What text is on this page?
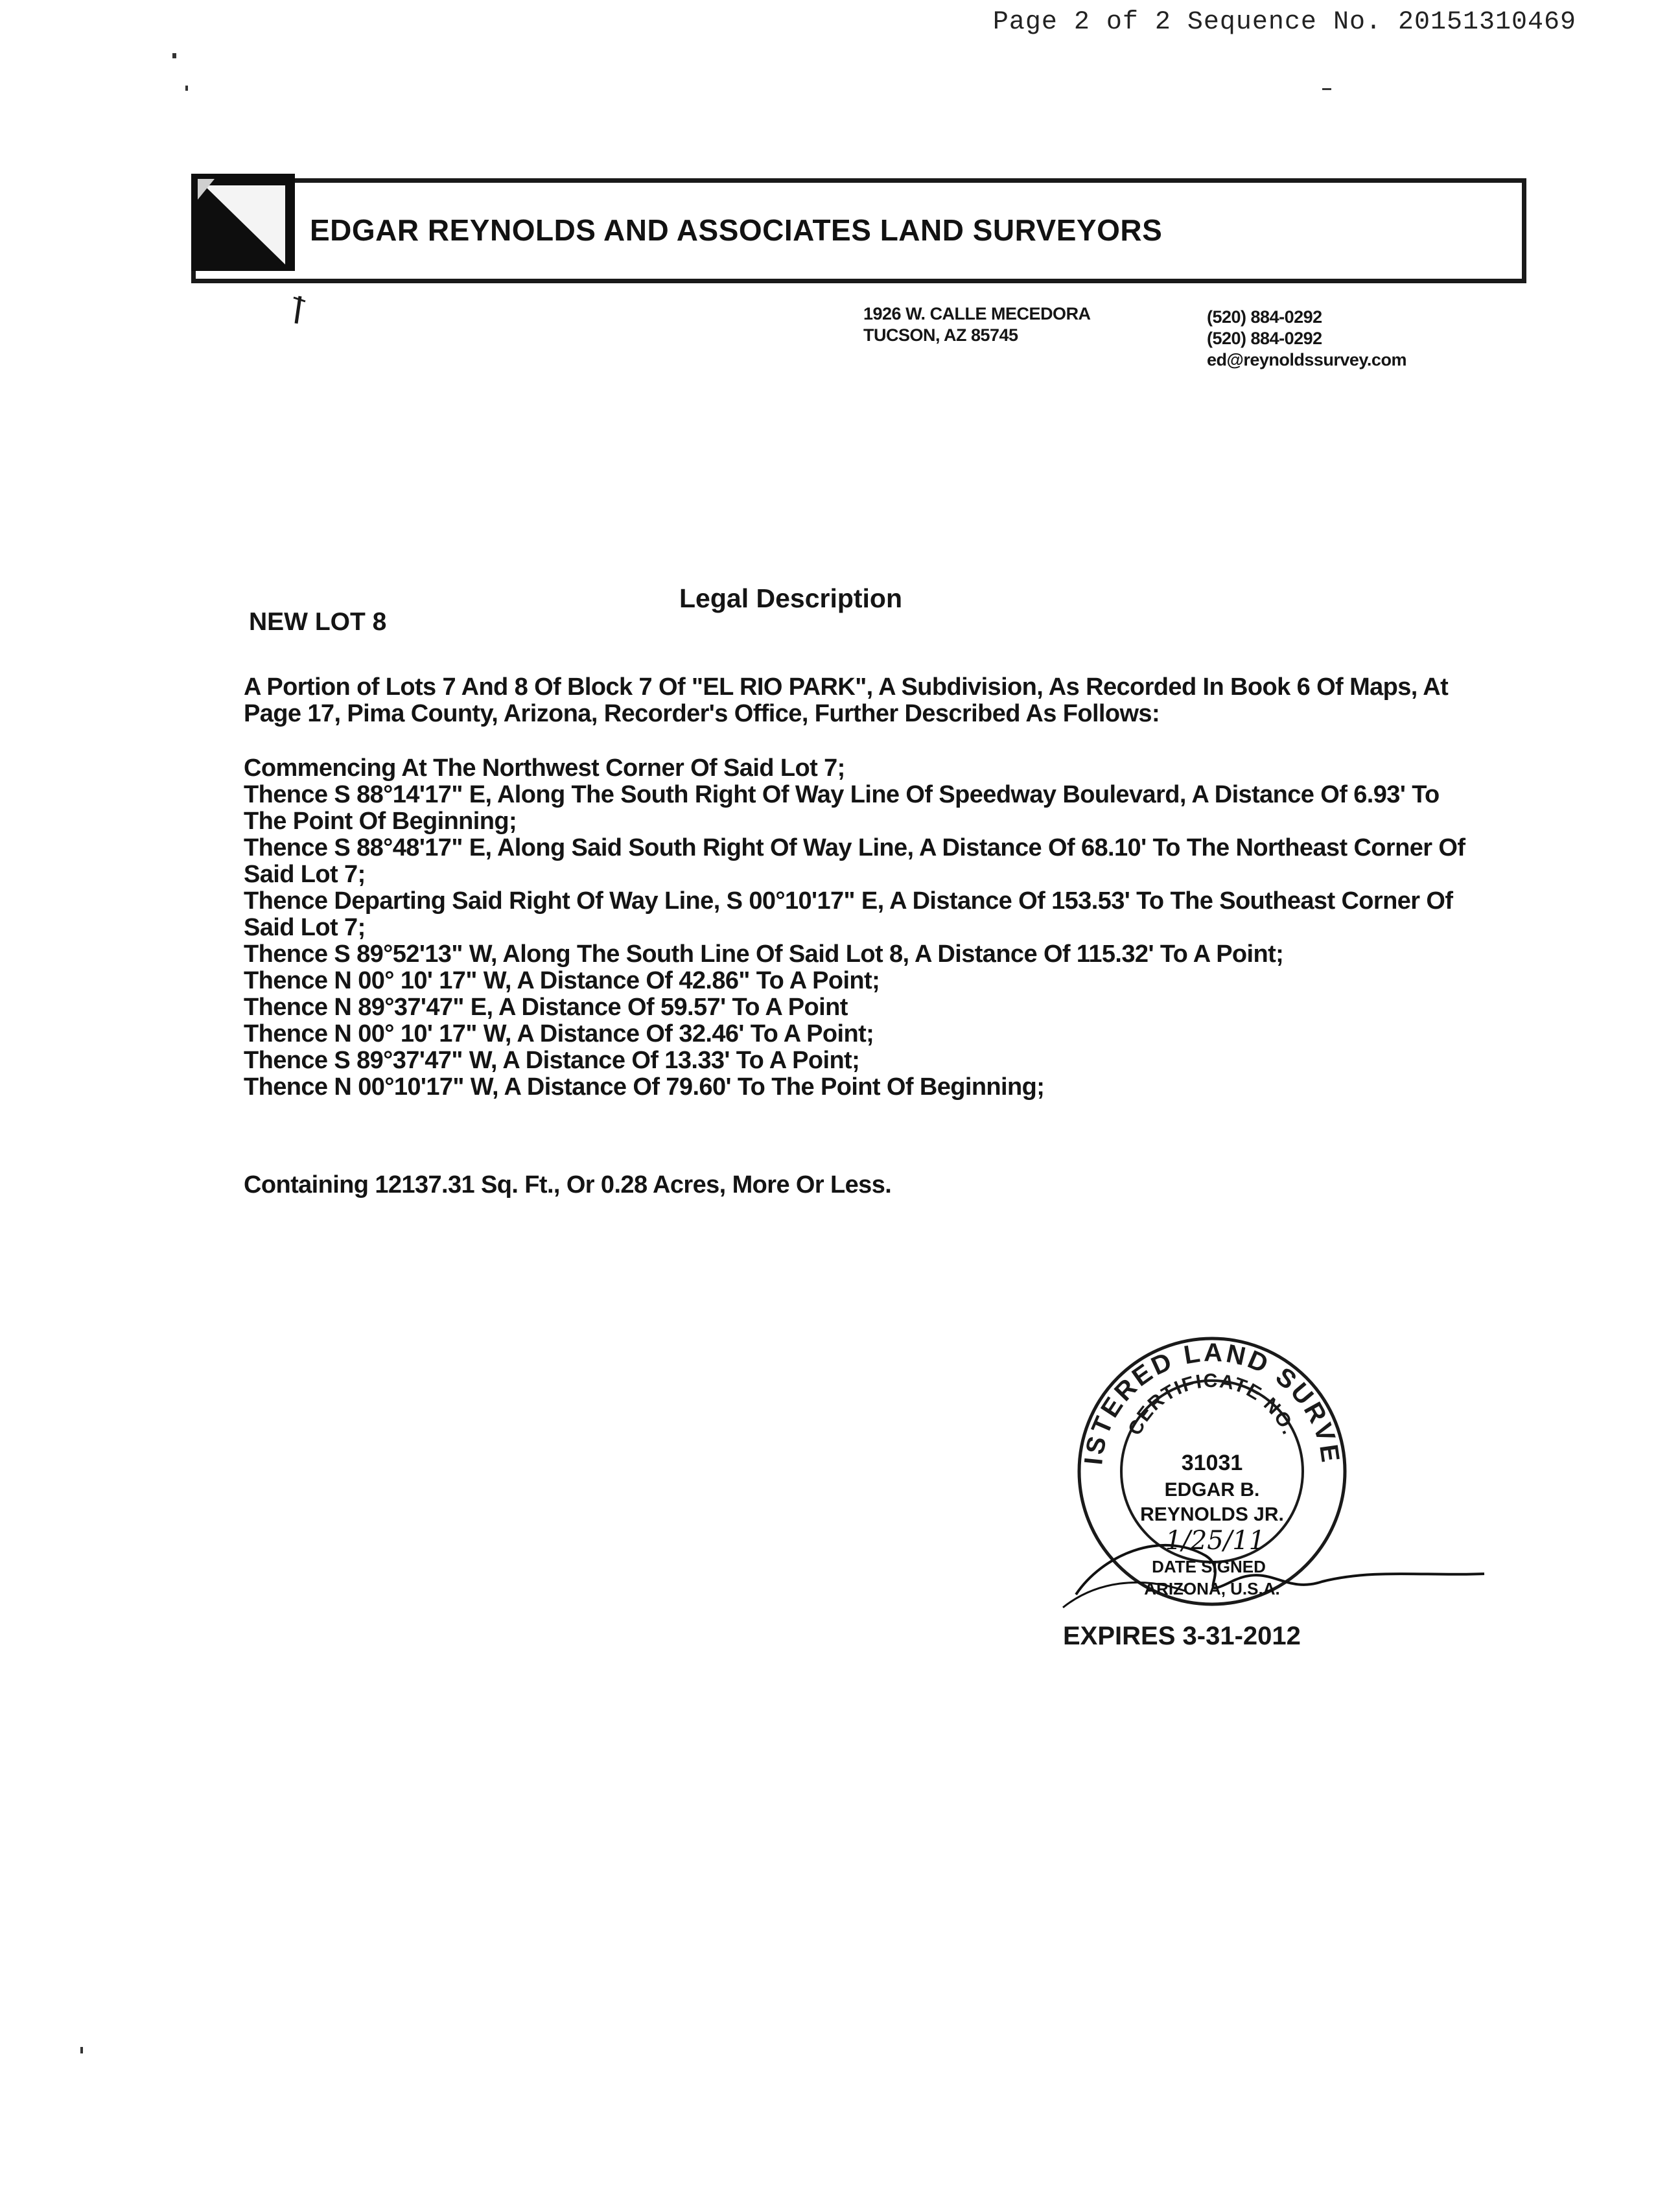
Page 2 of 2 Sequence No. 20151310469
EDGAR REYNOLDS AND ASSOCIATES LAND SURVEYORS
1926 W. CALLE MECEDORA
TUCSON, AZ 85745
(520) 884-0292
(520) 884-0292
ed@reynoldssurvey.com
Legal Description
NEW LOT 8
A Portion of Lots 7 And 8 Of Block 7 Of "EL RIO PARK", A Subdivision, As Recorded In Book 6 Of Maps, At Page 17, Pima County, Arizona, Recorder's Office, Further Described As Follows:
Commencing At The Northwest Corner Of Said Lot 7;
Thence S 88°14'17" E, Along The South Right Of Way Line Of Speedway Boulevard, A Distance Of 6.93' To The Point Of Beginning;
Thence S 88°48'17" E, Along Said South Right Of Way Line, A Distance Of 68.10' To The Northeast Corner Of Said Lot 7;
Thence Departing Said Right Of Way Line, S 00°10'17" E, A Distance Of 153.53' To The Southeast Corner Of Said Lot 7;
Thence S 89°52'13" W, Along The South Line Of Said Lot 8, A Distance Of 115.32' To A Point;
Thence N 00° 10' 17" W, A Distance Of 42.86" To A Point;
Thence N 89°37'47" E, A Distance Of 59.57' To A Point
Thence N 00° 10' 17" W, A Distance Of 32.46' To A Point;
Thence S 89°37'47" W, A Distance Of 13.33' To A Point;
Thence N 00°10'17" W, A Distance Of 79.60' To The Point Of Beginning;
Containing 12137.31 Sq. Ft., Or 0.28 Acres, More Or Less.
ISTERED LAND SURVE
CERTIFICATE NO.
31031
EDGAR B.
REYNOLDS JR.
1/25/11
DATE SIGNED
ARIZONA, U.S.A.
EXPIRES 3-31-2012
